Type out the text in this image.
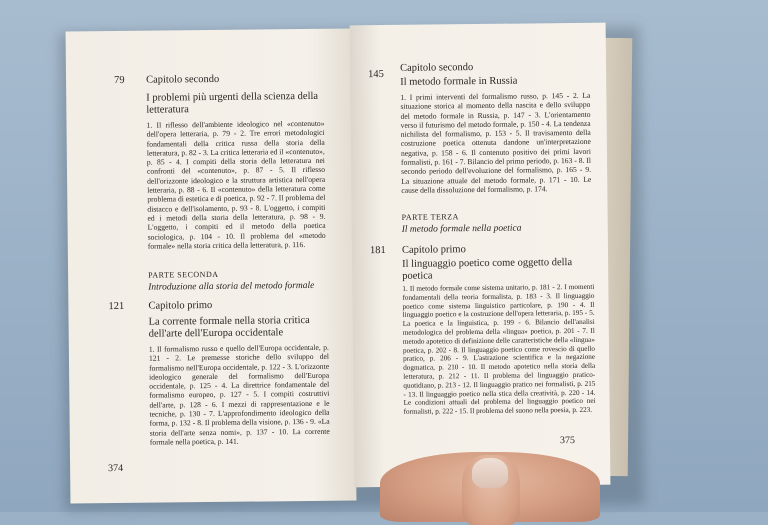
79 Capitolo secondo
I problemi più urgenti della scienza della letteratura
1. Il riflesso dell'ambiente ideologico nel «contenuto» dell'opera letteraria, p. 79 - 2. Tre errori metodologici fondamentali della critica russa della storia della letteratura, p. 82 - 3. La critica letteraria ed il «contenuto», p. 85 - 4. I compiti della storia della letteratura nei confronti del «contenuto», p. 87 - 5. Il riflesso dell'orizzonte ideologico e la struttura artistica nell'opera letteraria, p. 88 - 6. Il «contenuto» della letteratura come problema di estetica e di poetica, p. 92 - 7. Il problema del distacco e dell'isolamento, p. 93 - 8. L'oggetto, i compiti ed i metodi della storia della letteratura, p. 98 - 9. L'oggetto, i compiti ed il metodo della poetica sociologica, p. 104 - 10. Il problema del «metodo formale» nella storia critica della letteratura, p. 116.
PARTE SECONDA
Introduzione alla storia del metodo formale
121 Capitolo primo
La corrente formale nella storia critica dell'arte dell'Europa occidentale
1. Il formalismo russo e quello dell'Europa occidentale, p. 121 - 2. Le premesse storiche dello sviluppo del formalismo nell'Europa occidentale, p. 122 - 3. L'orizzonte ideologico generale del formalismo dell'Europa occidentale, p. 125 - 4. La direttrice fondamentale del formalismo europeo, p. 127 - 5. I compiti costruttivi dell'arte, p. 128 - 6. I mezzi di rappresentazione e le tecniche, p. 130 - 7. L'approfondimento ideologico della forma, p. 132 - 8. Il problema della visione, p. 136 - 9. «La storia dell'arte senza nomi», p. 137 - 10. La corrente formale nella poetica, p. 141.
374
145
Capitolo secondo
Il metodo formale in Russia
1. I primi interventi del formalismo russo, p. 145 - 2. La situazione storica al momento della nascita e dello sviluppo del metodo formale in Russia, p. 147 - 3. L'orientamento verso il futurismo del metodo formale, p. 150 - 4. La tendenza nichilista del formalismo, p. 153 - 5. Il travisamento della costruzione poetica ottenuta dandone un'interpretazione negativa, p. 158 - 6. Il contenuto positivo dei primi lavori formalisti, p. 161 - 7. Bilancio del primo periodo, p. 163 - 8. Il secondo periodo dell'evoluzione del formalismo, p. 165 - 9. La situazione attuale del metodo formale, p. 171 - 10. Le cause della dissoluzione del formalismo, p. 174.
PARTE TERZA
Il metodo formale nella poetica
181 Capitolo primo
Il linguaggio poetico come oggetto della poetica
1. Il metodo formale come sistema unitario, p. 181 - 2. I momenti fondamentali della teoria formalista, p. 183 - 3. Il linguaggio poetico come sistema linguistico particolare, p. 190 - 4. Il linguaggio poetico e la costruzione dell'opera letteraria, p. 195 - 5. La poetica e la linguistica, p. 199 - 6. Bilancio dell'analisi metodologica del problema della «lingua» poetica, p. 201 - 7. Il metodo apotetico di definizione delle caratteristiche della «lingua» poetica, p. 202 - 8. Il linguaggio poetico come rovescio di quello pratico, p. 206 - 9. L'astrazione scientifica e la negazione dogmatica, p. 210 - 10. Il metodo apotetico nella storia della letteratura, p. 212 - 11. Il problema del linguaggio pratico-quotidiano, p. 213 - 12. Il linguaggio pratico nei formalisti, p. 215 - 13. Il linguaggio poetico nella stica della creatività, p. 220 - 14. Le condizioni attuali del problema del linguaggio poetico nei formalisti, p. 222 - 15. Il problema del suono nella poesia, p. 223.
375
